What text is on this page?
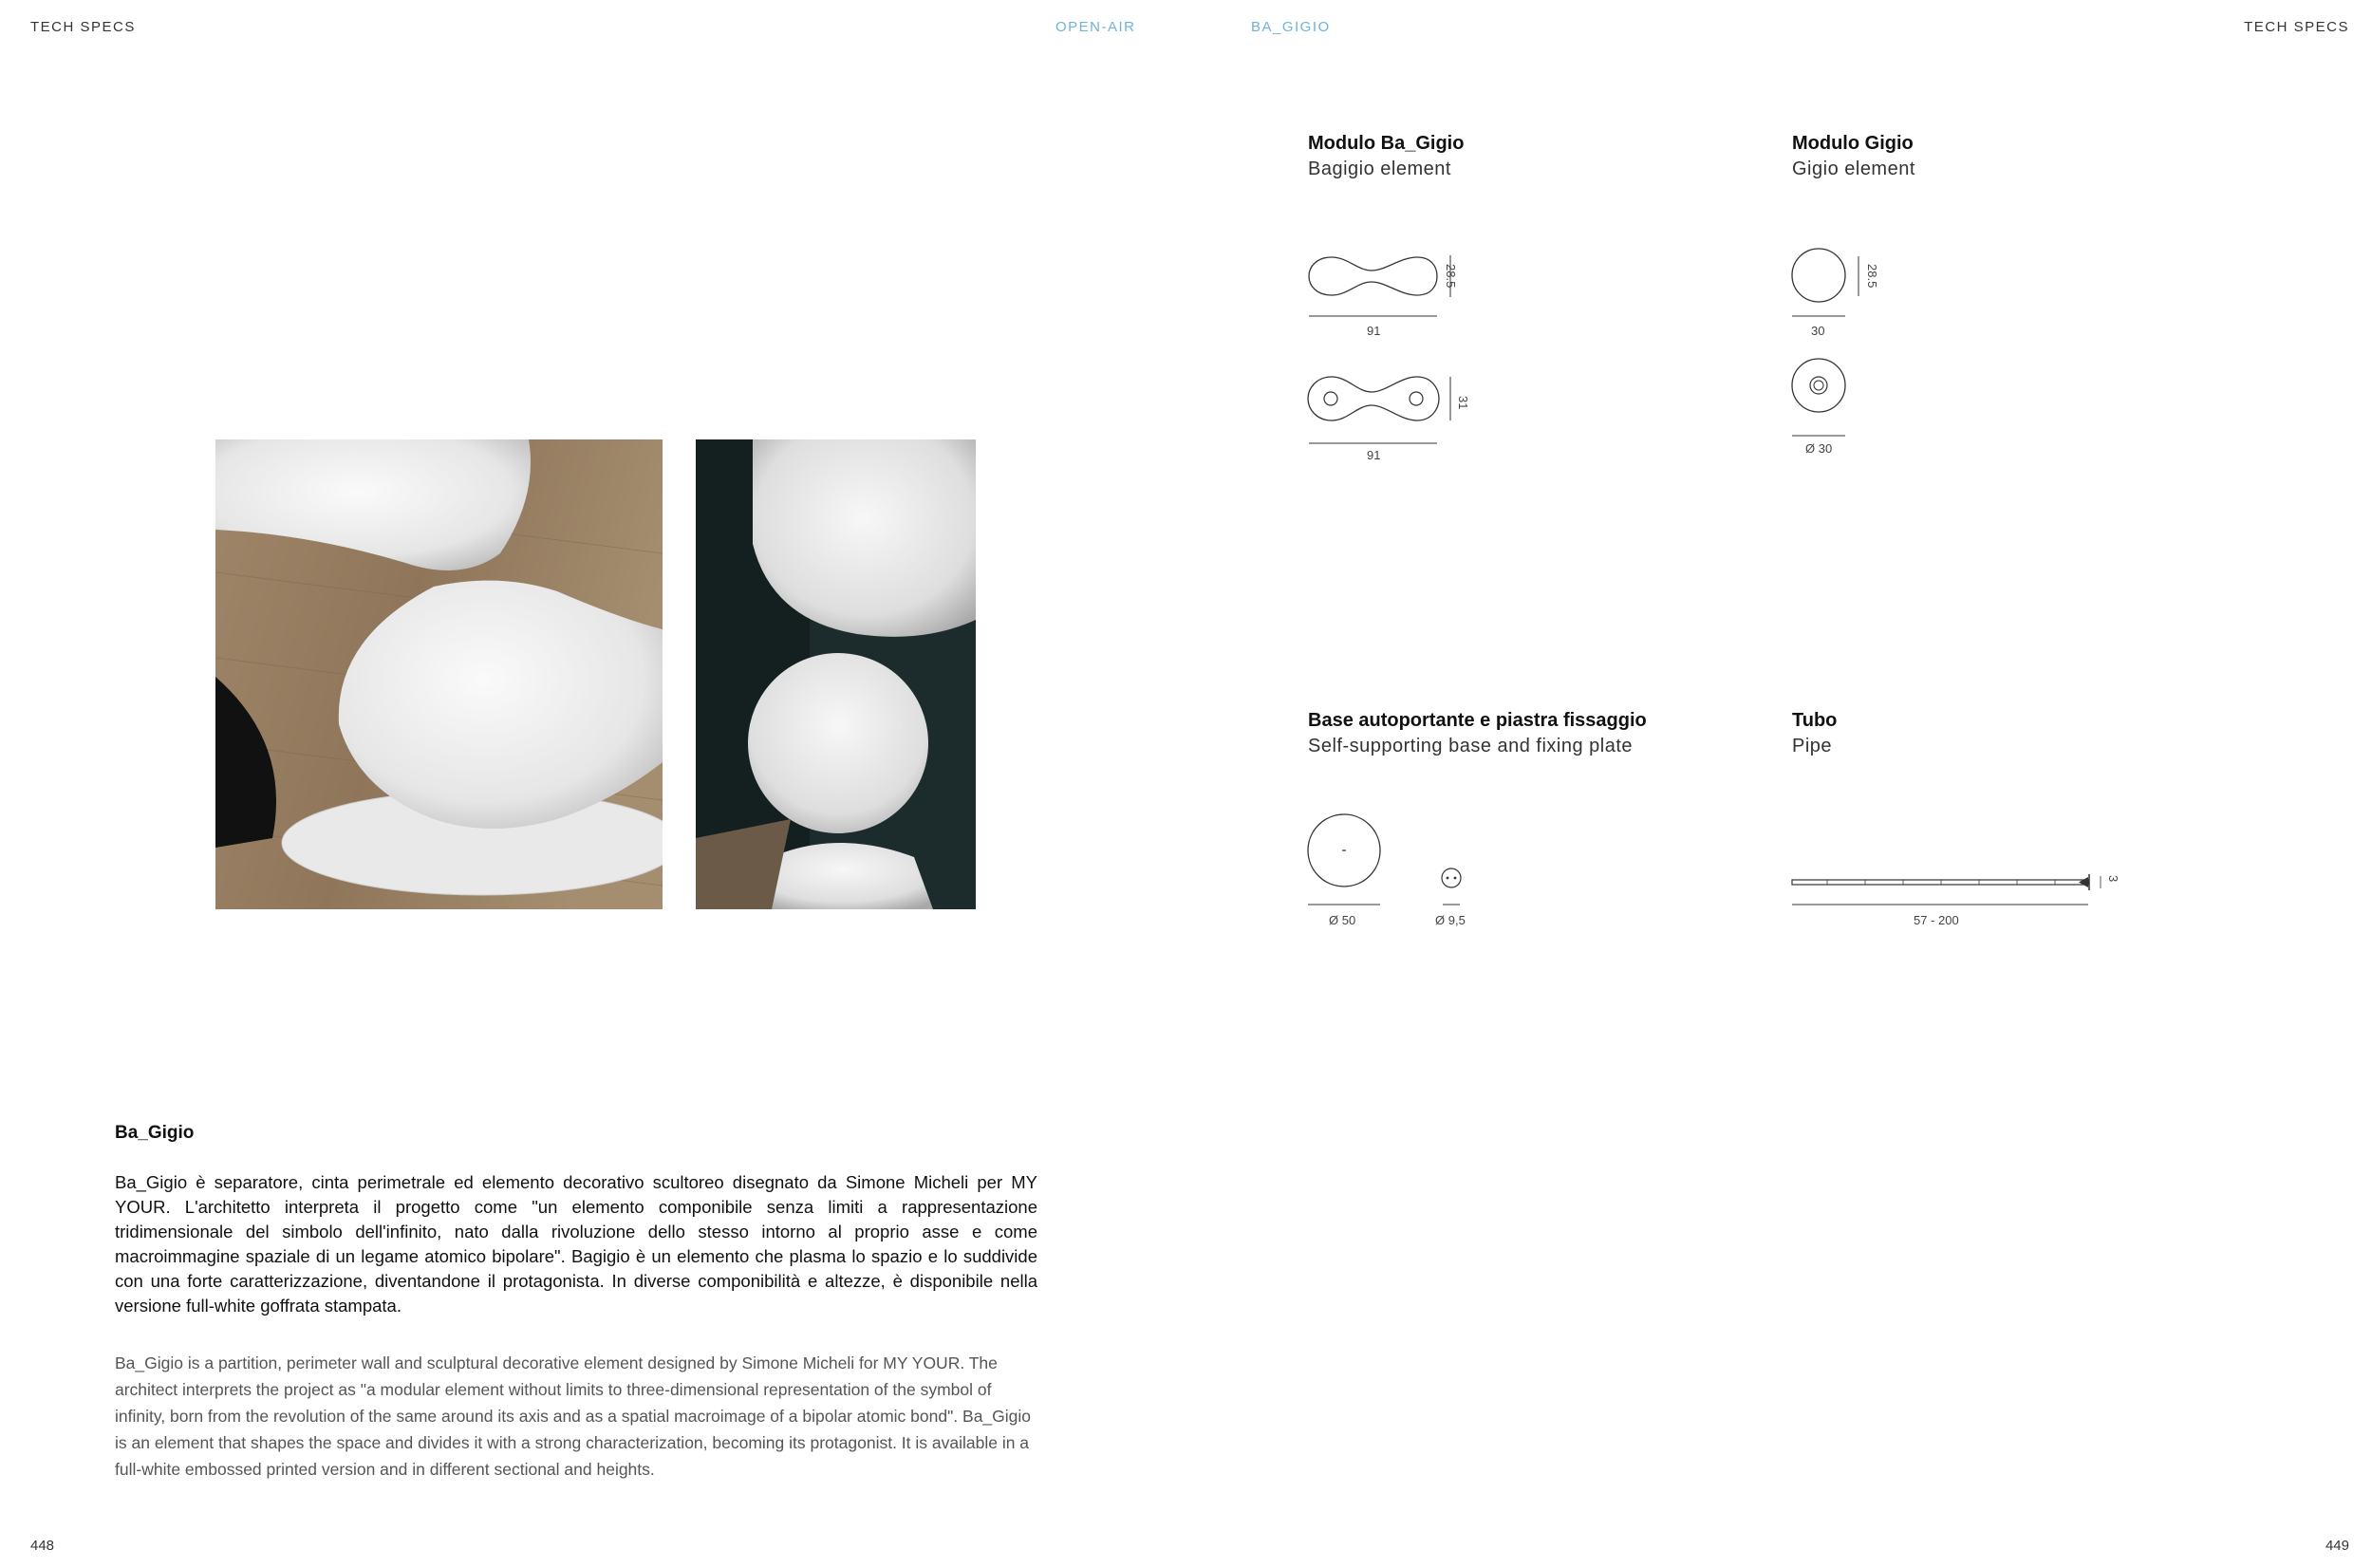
TECH SPECS	OPEN-AIR	BA_GIGIO	TECH SPECS
Modulo Ba_Gigio
Bagigio element
28.5
91
31
91
Modulo Gigio
Gigio element
28.5
30
Ø 30
Base autoportante e piastra fissaggio
Self-supporting base and fixing plate
Ø 50	Ø 9,5
Tubo
Pipe
3
57 - 200
Ba_Gigio
Ba_Gigio è separatore, cinta perimetrale ed elemento decorativo scultoreo disegnato da Simone Micheli per MY YOUR. L'architetto interpreta il progetto come "un elemento componibile senza limiti a rappresentazione tridimensionale del simbolo dell'infinito, nato dalla rivoluzione dello stesso intorno al proprio asse e come macroimmagine spaziale di un legame atomico bipolare". Bagigio è un elemento che plasma lo spazio e lo suddivide con una forte caratterizzazione, diventandone il protagonista. In diverse componibilità e altezze, è disponibile nella versione full-white goffrata stampata.
Ba_Gigio is a partition, perimeter wall and sculptural decorative element designed by Simone Micheli for MY YOUR. The architect interprets the project as "a modular element without limits to three-dimensional representation of the symbol of infinity, born from the revolution of the same around its axis and as a spatial macroimage of a bipolar atomic bond". Ba_Gigio is an element that shapes the space and divides it with a strong characterization, becoming its protagonist. It is available in a full-white embossed printed version and in different sectional and heights.
448	449
